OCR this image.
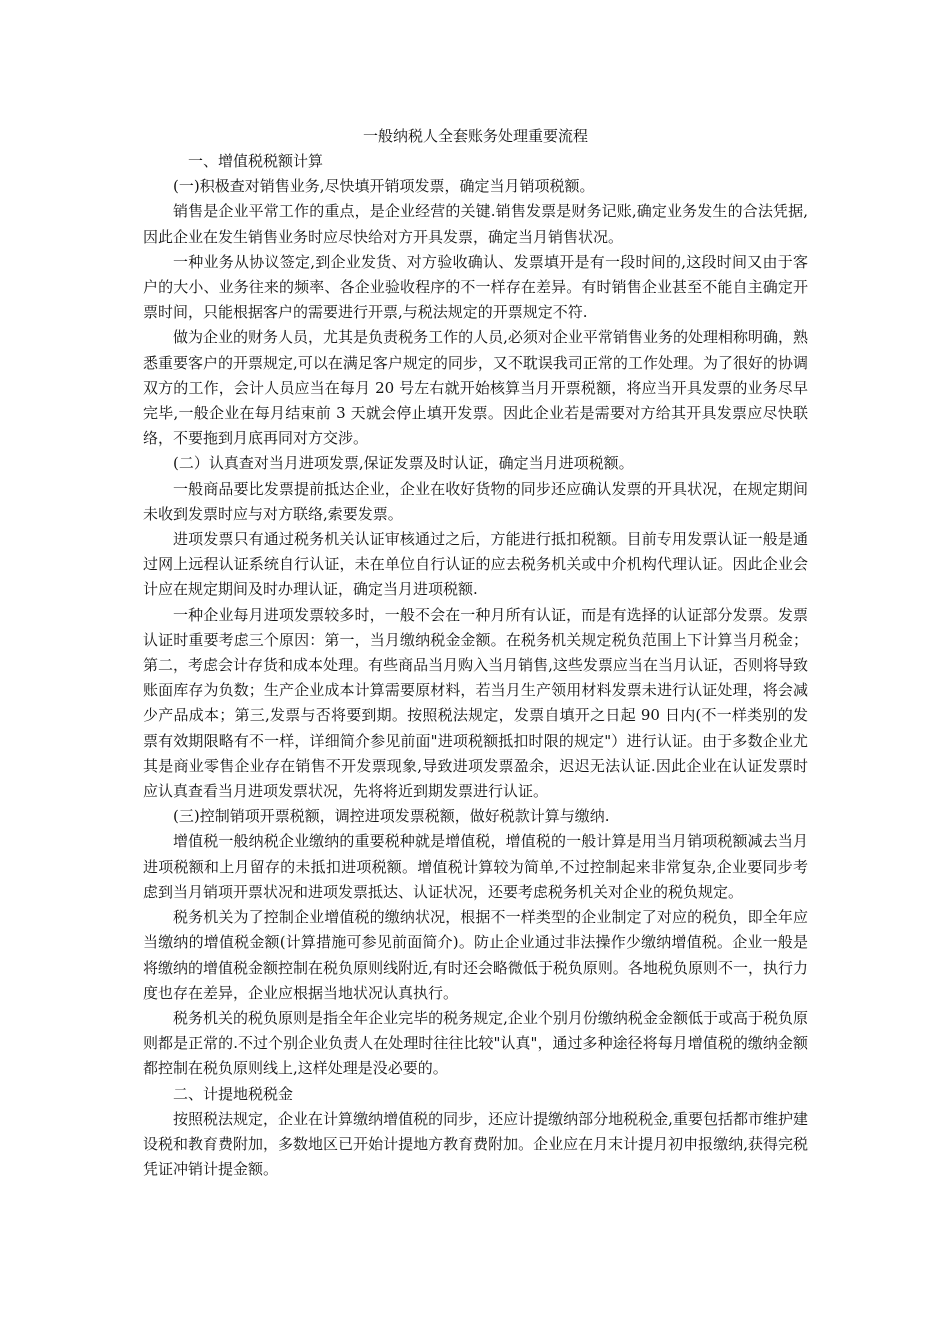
一般纳税人全套账务处理重要流程

一、增值税税额计算

(一)积极查对销售业务,尽快填开销项发票，确定当月销项税额。

销售是企业平常工作的重点，是企业经营的关键.销售发票是财务记账,确定业务发生的合法凭据,因此企业在发生销售业务时应尽快给对方开具发票，确定当月销售状况。

一种业务从协议签定,到企业发货、对方验收确认、发票填开是有一段时间的,这段时间又由于客户的大小、业务往来的频率、各企业验收程序的不一样存在差异。有时销售企业甚至不能自主确定开票时间，只能根据客户的需要进行开票,与税法规定的开票规定不符.

做为企业的财务人员，尤其是负责税务工作的人员,必须对企业平常销售业务的处理相称明确，熟悉重要客户的开票规定,可以在满足客户规定的同步，又不耽误我司正常的工作处理。为了很好的协调双方的工作，会计人员应当在每月 20 号左右就开始核算当月开票税额，将应当开具发票的业务尽早完毕,一般企业在每月结束前 3 天就会停止填开发票。因此企业若是需要对方给其开具发票应尽快联络，不要拖到月底再同对方交涉。

(二）认真查对当月进项发票,保证发票及时认证，确定当月进项税额。

一般商品要比发票提前抵达企业，企业在收好货物的同步还应确认发票的开具状况，在规定期间未收到发票时应与对方联络,索要发票。

进项发票只有通过税务机关认证审核通过之后，方能进行抵扣税额。目前专用发票认证一般是通过网上远程认证系统自行认证，未在单位自行认证的应去税务机关或中介机构代理认证。因此企业会计应在规定期间及时办理认证，确定当月进项税额.

一种企业每月进项发票较多时，一般不会在一种月所有认证，而是有选择的认证部分发票。发票认证时重要考虑三个原因：第一，当月缴纳税金金额。在税务机关规定税负范围上下计算当月税金；第二，考虑会计存货和成本处理。有些商品当月购入当月销售,这些发票应当在当月认证，否则将导致账面库存为负数；生产企业成本计算需要原材料，若当月生产领用材料发票未进行认证处理，将会减少产品成本；第三,发票与否将要到期。按照税法规定，发票自填开之日起 90 日内(不一样类别的发票有效期限略有不一样，详细简介参见前面"进项税额抵扣时限的规定"）进行认证。由于多数企业尤其是商业零售企业存在销售不开发票现象,导致进项发票盈余，迟迟无法认证.因此企业在认证发票时应认真查看当月进项发票状况，先将将近到期发票进行认证。

(三)控制销项开票税额，调控进项发票税额，做好税款计算与缴纳.

增值税一般纳税企业缴纳的重要税种就是增值税，增值税的一般计算是用当月销项税额减去当月进项税额和上月留存的未抵扣进项税额。增值税计算较为简单,不过控制起来非常复杂,企业要同步考虑到当月销项开票状况和进项发票抵达、认证状况，还要考虑税务机关对企业的税负规定。

税务机关为了控制企业增值税的缴纳状况，根据不一样类型的企业制定了对应的税负，即全年应当缴纳的增值税金额(计算措施可参见前面简介)。防止企业通过非法操作少缴纳增值税。企业一般是将缴纳的增值税金额控制在税负原则线附近,有时还会略微低于税负原则。各地税负原则不一，执行力度也存在差异，企业应根据当地状况认真执行。

税务机关的税负原则是指全年企业完毕的税务规定,企业个别月份缴纳税金金额低于或高于税负原则都是正常的.不过个别企业负责人在处理时往往比较"认真"，通过多种途径将每月增值税的缴纳金额都控制在税负原则线上,这样处理是没必要的。

二、计提地税税金

按照税法规定，企业在计算缴纳增值税的同步，还应计提缴纳部分地税税金,重要包括都市维护建设税和教育费附加，多数地区已开始计提地方教育费附加。企业应在月末计提月初申报缴纳,获得完税凭证冲销计提金额。
